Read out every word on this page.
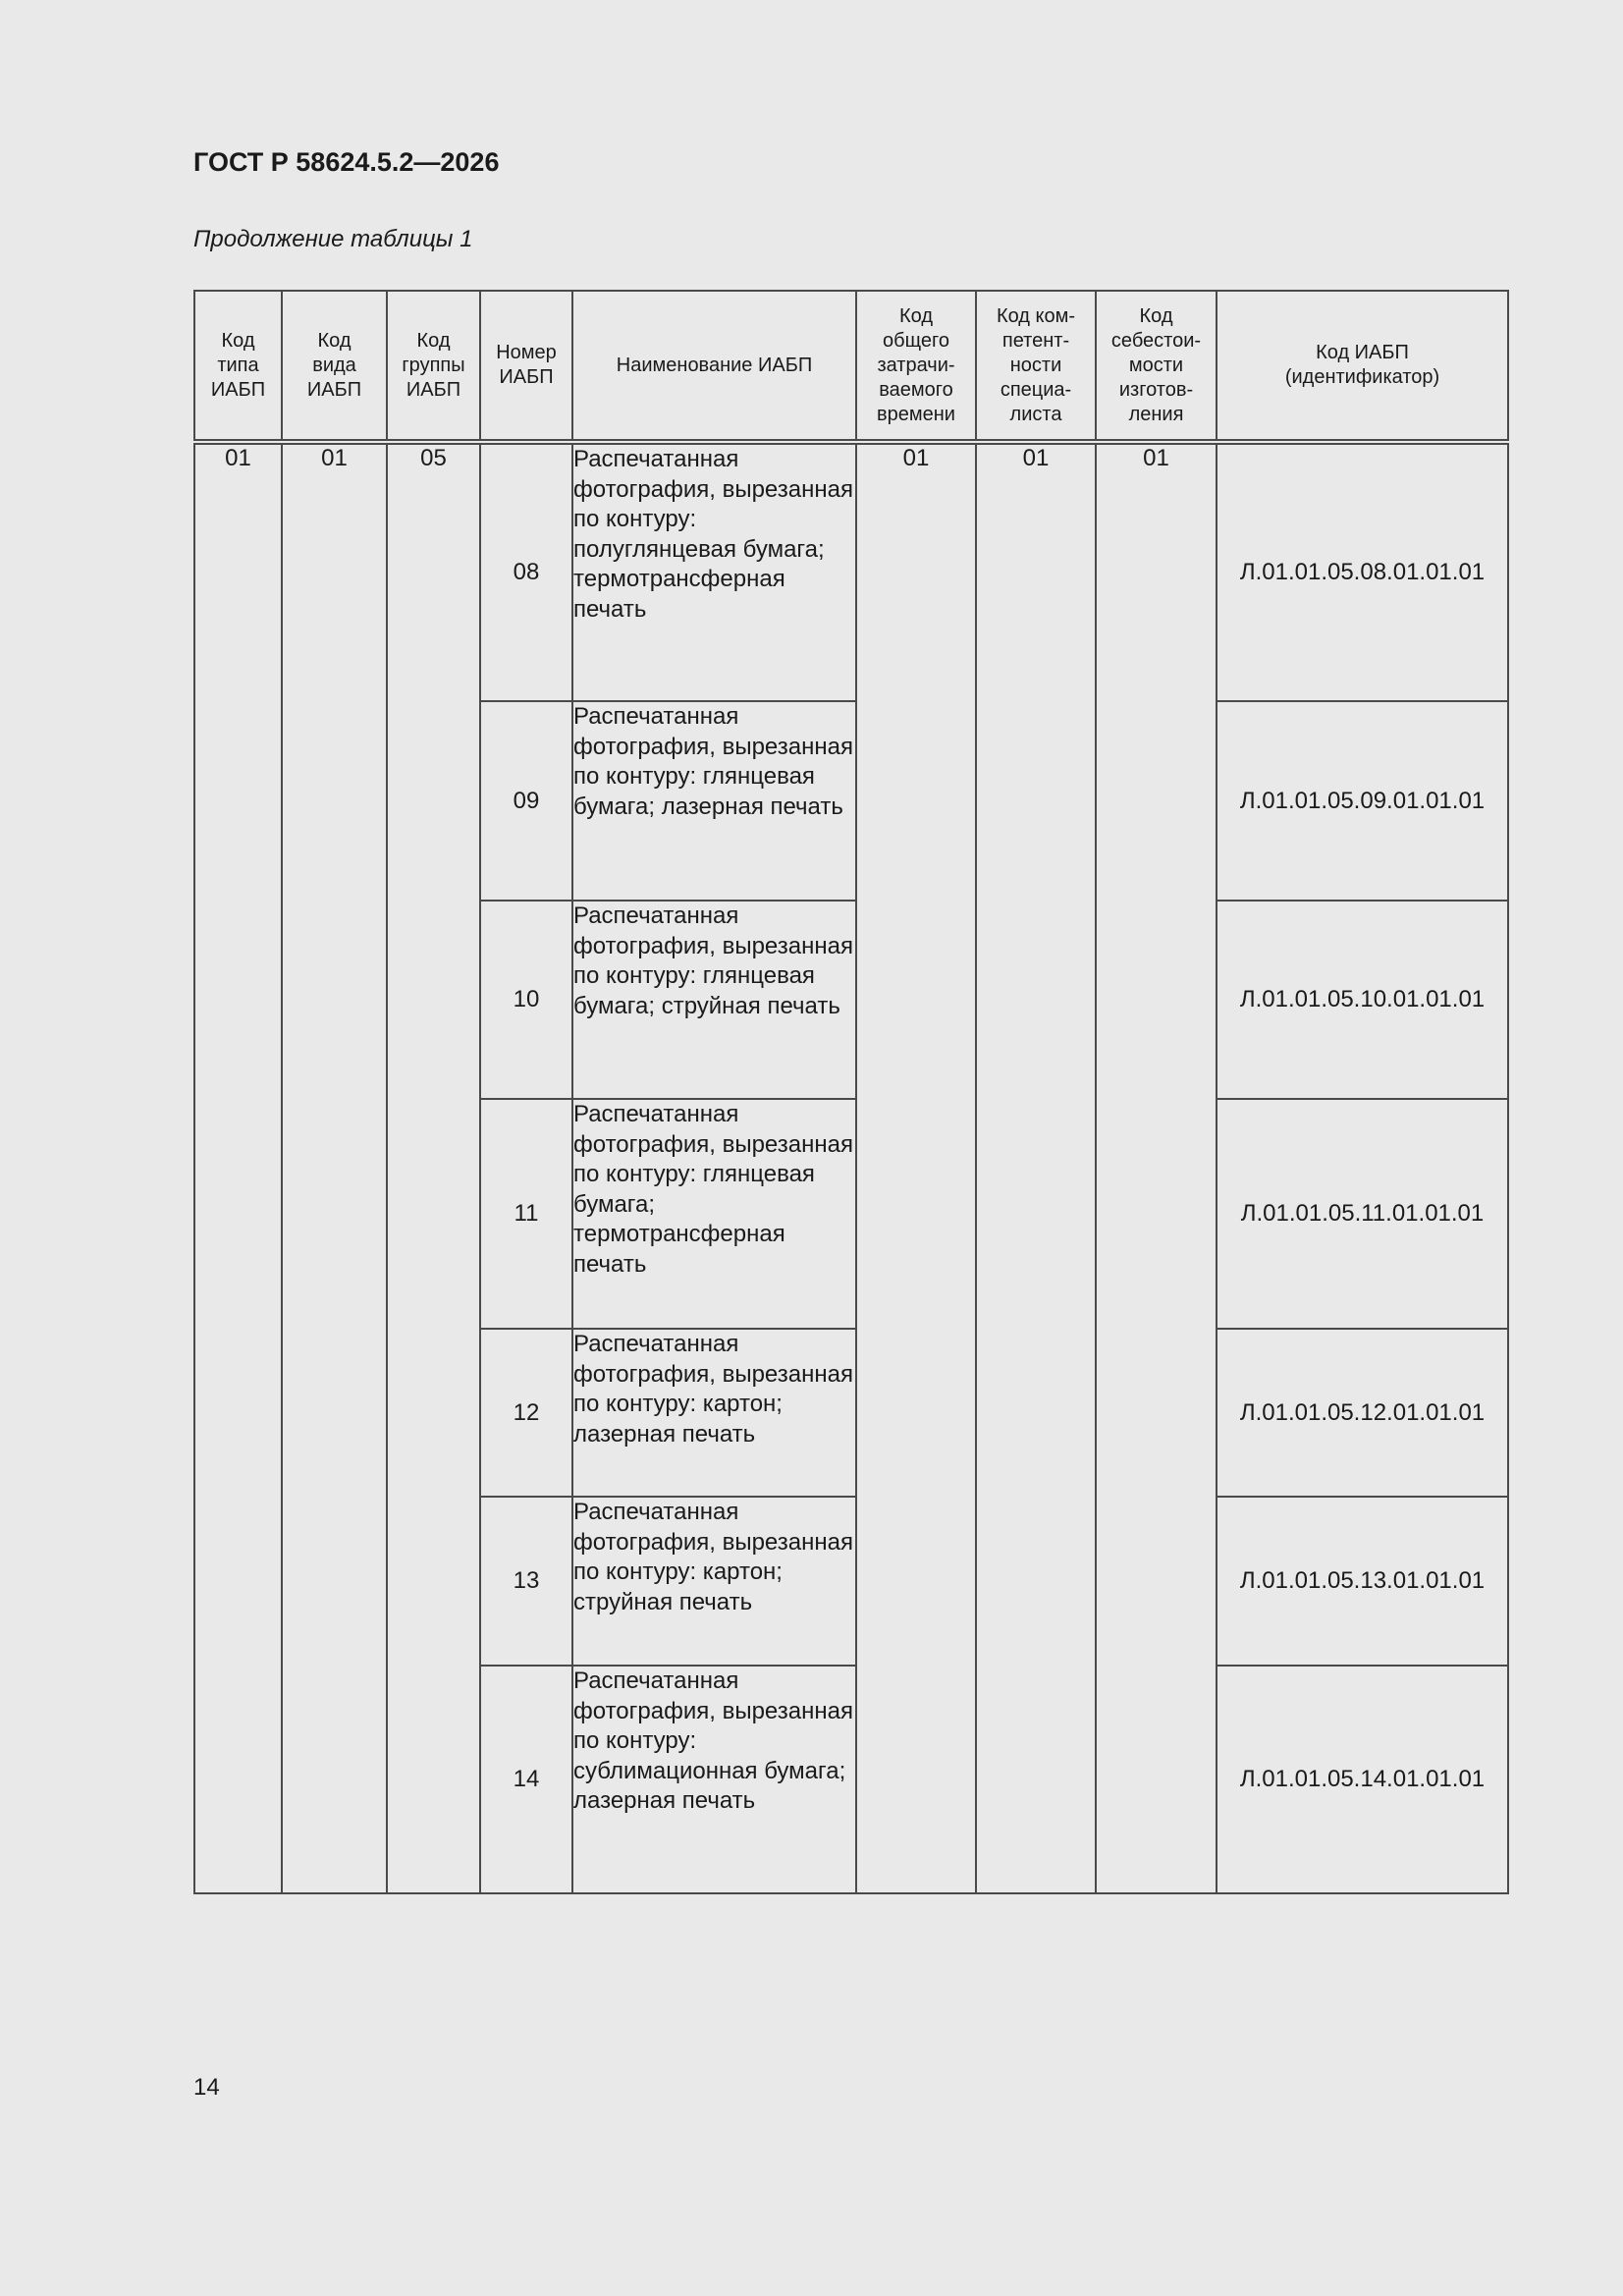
ГОСТ Р 58624.5.2—2026
Продолжение таблицы 1
Код типа ИАБП	Код вида ИАБП	Код группы ИАБП	Номер ИАБП	Наименование ИАБП	Код общего затрачи-ваемого времени	Код ком-петент-ности специа-листа	Код себестои-мости изготов-ления	Код ИАБП (идентификатор)

01	01	05	08	Распечатанная фотография, вырезанная по контуру: полуглянцевая бумага; термотрансферная печать	01	01	01	Л.01.01.05.08.01.01.01
			09	Распечатанная фотография, вырезанная по контуру: глянцевая бумага; лазерная печать				Л.01.01.05.09.01.01.01
			10	Распечатанная фотография, вырезанная по контуру: глянцевая бумага; струйная печать				Л.01.01.05.10.01.01.01
			11	Распечатанная фотография, вырезанная по контуру: глянцевая бумага; термотрансферная печать				Л.01.01.05.11.01.01.01
			12	Распечатанная фотография, вырезанная по контуру: картон; лазерная печать				Л.01.01.05.12.01.01.01
			13	Распечатанная фотография, вырезанная по контуру: картон; струйная печать				Л.01.01.05.13.01.01.01
			14	Распечатанная фотография, вырезанная по контуру: сублимационная бумага; лазерная печать				Л.01.01.05.14.01.01.01
14
